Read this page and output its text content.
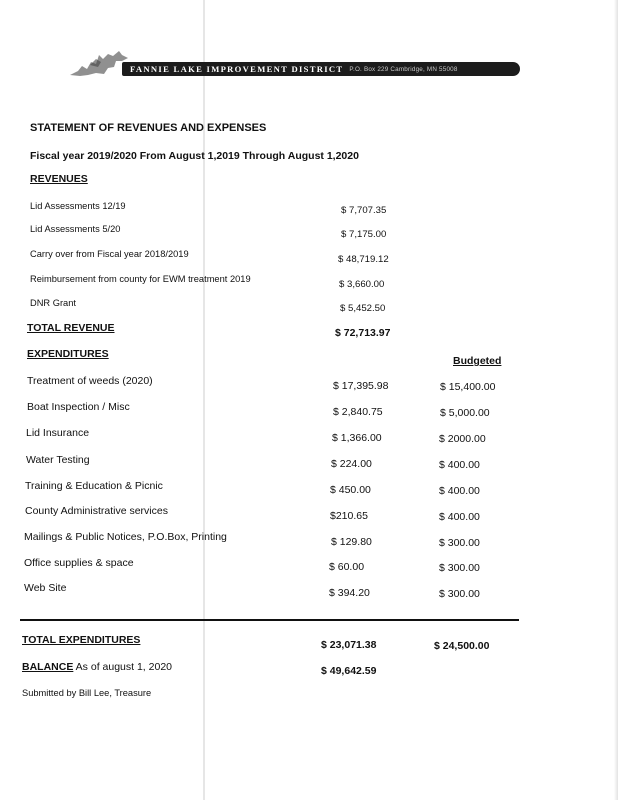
FANNIE LAKE IMPROVEMENT DISTRICT P.O. Box 229 Cambridge, MN 55008
STATEMENT OF REVENUES AND EXPENSES
Fiscal year 2019/2020 From August 1,2019 Through August 1,2020
REVENUES
Lid Assessments 12/19	$ 7,707.35
Lid Assessments 5/20	$ 7,175.00
Carry over from Fiscal year 2018/2019	$ 48,719.12
Reimbursement from county for EWM treatment 2019	$ 3,660.00
DNR Grant	$ 5,452.50
TOTAL REVENUE	$ 72,713.97
EXPENDITURES
Budgeted
Treatment of weeds (2020)	$ 17,395.98	$ 15,400.00
Boat Inspection / Misc	$ 2,840.75	$ 5,000.00
Lid Insurance	$ 1,366.00	$ 2000.00
Water Testing	$ 224.00	$ 400.00
Training & Education & Picnic	$ 450.00	$ 400.00
County Administrative services	$210.65	$ 400.00
Mailings & Public Notices, P.O.Box, Printing	$ 129.80	$ 300.00
Office supplies & space	$ 60.00	$ 300.00
Web Site	$ 394.20	$ 300.00
TOTAL EXPENDITURES	$ 23,071.38	$ 24,500.00
BALANCE As of august 1, 2020	$ 49,642.59
Submitted by Bill Lee, Treasure
